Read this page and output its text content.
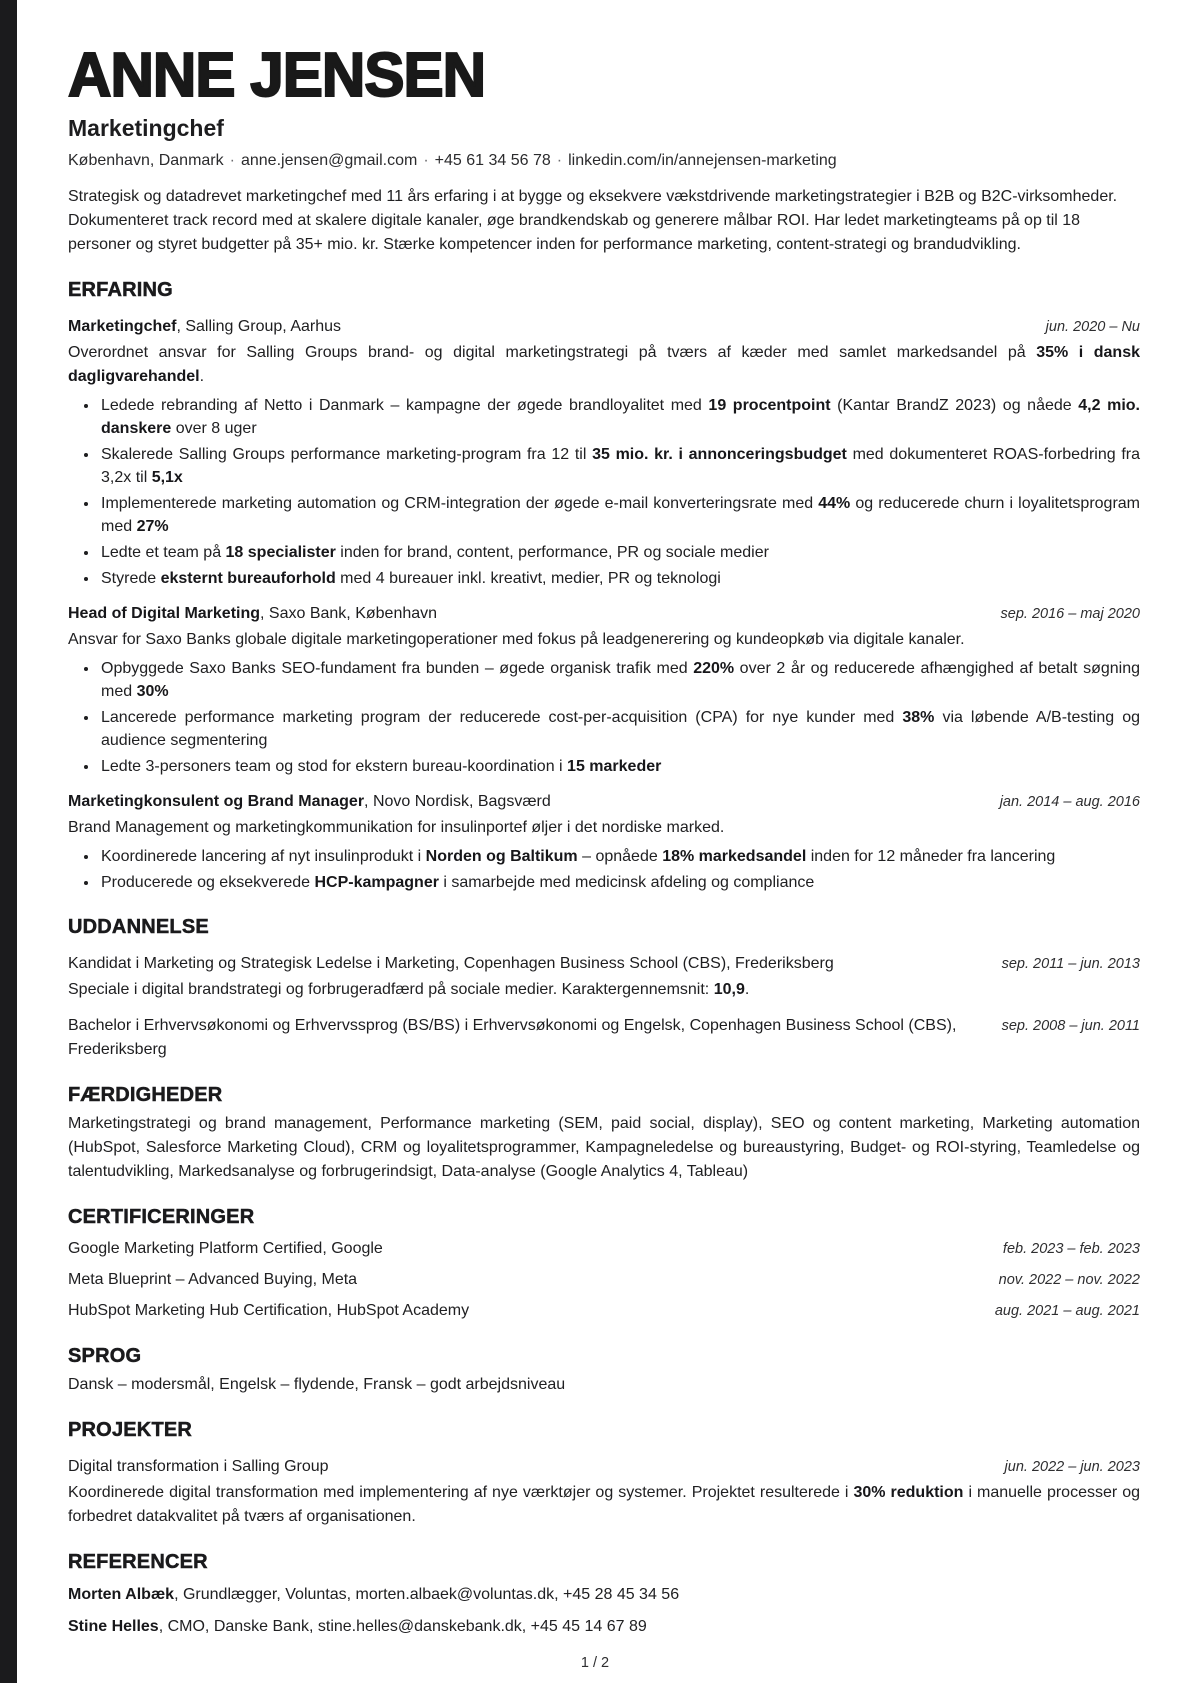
ANNE JENSEN
Marketingchef
København, Danmark · anne.jensen@gmail.com · +45 61 34 56 78 · linkedin.com/in/annejensen-marketing
Strategisk og datadrevet marketingchef med 11 års erfaring i at bygge og eksekvere vækstdrivende marketingstrategier i B2B og B2C-virksomheder. Dokumenteret track record med at skalere digitale kanaler, øge brandkendskab og generere målbar ROI. Har ledet marketingteams på op til 18 personer og styret budgetter på 35+ mio. kr. Stærke kompetencer inden for performance marketing, content-strategi og brandudvikling.
ERFARING
Marketingchef, Salling Group, Aarhus	jun. 2020 – Nu
Overordnet ansvar for Salling Groups brand- og digital marketingstrategi på tværs af kæder med samlet markedsandel på 35% i dansk dagligvarehandel.
• Ledede rebranding af Netto i Danmark – kampagne der øgede brandloyalitet med 19 procentpoint (Kantar BrandZ 2023) og nåede 4,2 mio. danskere over 8 uger
• Skalerede Salling Groups performance marketing-program fra 12 til 35 mio. kr. i annonceringsbudget med dokumenteret ROAS-forbedring fra 3,2x til 5,1x
• Implementerede marketing automation og CRM-integration der øgede e-mail konverteringsrate med 44% og reducerede churn i loyalitetsprogram med 27%
• Ledte et team på 18 specialister inden for brand, content, performance, PR og sociale medier
• Styrede eksternt bureauforhold med 4 bureauer inkl. kreativt, medier, PR og teknologi
Head of Digital Marketing, Saxo Bank, København	sep. 2016 – maj 2020
Ansvar for Saxo Banks globale digitale marketingoperationer med fokus på leadgenerering og kundeopkøb via digitale kanaler.
• Opbyggede Saxo Banks SEO-fundament fra bunden – øgede organisk trafik med 220% over 2 år og reducerede afhængighed af betalt søgning med 30%
• Lancerede performance marketing program der reducerede cost-per-acquisition (CPA) for nye kunder med 38% via løbende A/B-testing og audience segmentering
• Ledte 3-personers team og stod for ekstern bureau-koordination i 15 markeder
Marketingkonsulent og Brand Manager, Novo Nordisk, Bagsværd	jan. 2014 – aug. 2016
Brand Management og marketingkommunikation for insulinportef øljer i det nordiske marked.
• Koordinerede lancering af nyt insulinprodukt i Norden og Baltikum – opnåede 18% markedsandel inden for 12 måneder fra lancering
• Producerede og eksekverede HCP-kampagner i samarbejde med medicinsk afdeling og compliance
UDDANNELSE
Kandidat i Marketing og Strategisk Ledelse i Marketing, Copenhagen Business School (CBS), Frederiksberg	sep. 2011 – jun. 2013
Speciale i digital brandstrategi og forbrugeradfærd på sociale medier. Karaktergennemsnit: 10,9.
Bachelor i Erhvervsøkonomi og Erhvervssprog (BS/BS) i Erhvervsøkonomi og Engelsk, Copenhagen Business School (CBS), Frederiksberg
sep. 2008 – jun. 2011
FÆRDIGHEDER
Marketingstrategi og brand management, Performance marketing (SEM, paid social, display), SEO og content marketing, Marketing automation (HubSpot, Salesforce Marketing Cloud), CRM og loyalitetsprogrammer, Kampagneledelse og bureaustyring, Budget- og ROI-styring, Teamledelse og talentudvikling, Markedsanalyse og forbrugerindsigt, Data-analyse (Google Analytics 4, Tableau)
CERTIFICERINGER
Google Marketing Platform Certified, Google	feb. 2023 – feb. 2023
Meta Blueprint – Advanced Buying, Meta	nov. 2022 – nov. 2022
HubSpot Marketing Hub Certification, HubSpot Academy	aug. 2021 – aug. 2021
SPROG
Dansk – modersmål, Engelsk – flydende, Fransk – godt arbejdsniveau
PROJEKTER
Digital transformation i Salling Group	jun. 2022 – jun. 2023
Koordinerede digital transformation med implementering af nye værktøjer og systemer. Projektet resulterede i 30% reduktion i manuelle processer og forbedret datakvalitet på tværs af organisationen.
REFERENCER
Morten Albæk, Grundlægger, Voluntas, morten.albaek@voluntas.dk, +45 28 45 34 56
Stine Helles, CMO, Danske Bank, stine.helles@danskebank.dk, +45 45 14 67 89
1 / 2
